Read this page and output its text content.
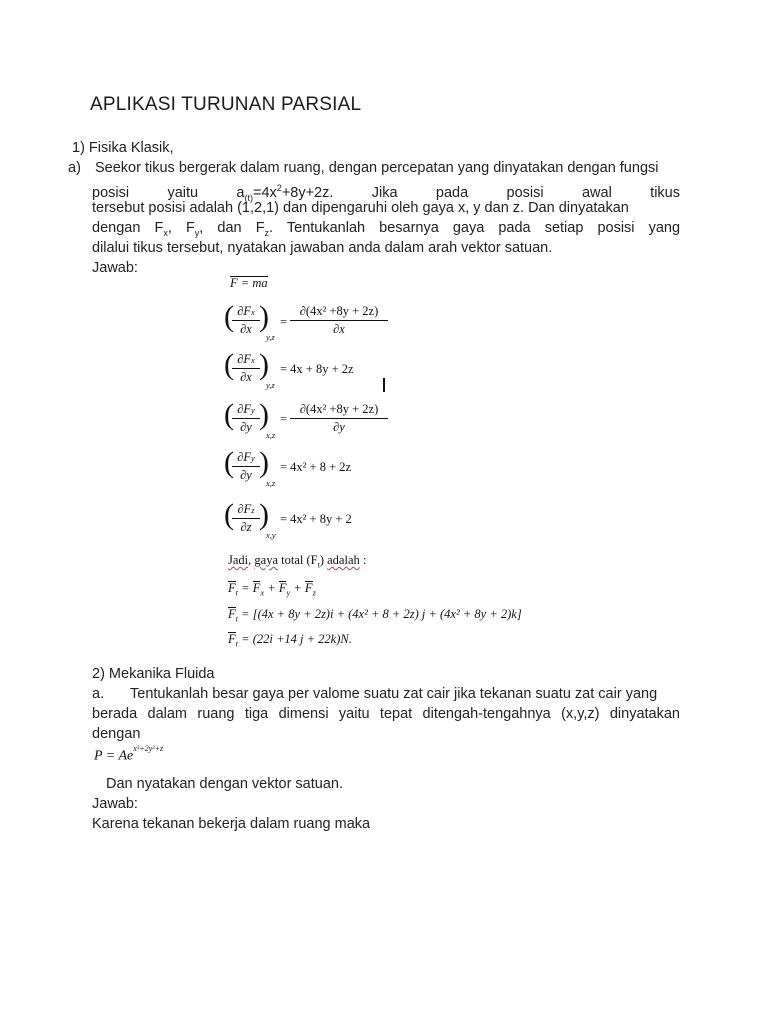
APLIKASI TURUNAN PARSIAL
1) Fisika Klasik,
a) Seekor tikus bergerak dalam ruang, dengan percepatan yang dinyatakan dengan fungsi
posisi	yaitu $a_{(t)}=4x^2+8y+2z$.	Jika	pada	posisi	awal tikus
tersebut posisi adalah (1,2,1) dan dipengaruhi oleh gaya x, y dan z. Dan dinyatakan
dengan $F_x$, $F_y$, dan $F_z$. Tentukanlah besarnya gaya pada setiap posisi yang
dilalui tikus tersebut, nyatakan jawaban anda dalam arah vektor satuan.
Jawab:
F = ma
(
$\frac{\partial Fx}{\partial x}$ )
y,z
= $\frac{\text{∂(4x² +8y + 2z)}}{\partial x}$
(
$\frac{\partial Fx}{\partial x}$ )
y,z
= 4x + 8y + 2z
(
$\frac{\partial Fy}{\partial y}$ )
x,z
= $\frac{\text{∂(4x² +8y + 2z)}}{\partial y}$
(
$\frac{\partial Fy}{\partial y}$ )
x,z
= 4x² + 8 + 2z
(
$\frac{\partial Fz}{\partial z}$ )
x,y
= 4x² + 8y + 2
Jadi, gaya total $(F_t)$ adalah :
$F_t = F_x + F_y + F_z$
$F_t = [(4x + 8y + 2z)i + (4x^2 + 8 + 2z) j + (4x^2 + 8y + 2)k]$
$F_t = (22i +14$ j + 22k)N.
2) Mekanika Fluida
a. Tentukanlah besar gaya per valome suatu zat cair jika tekanan suatu zat cair yang
berada dalam ruang tiga dimensi yaitu tepat ditengah-tengahnya (x,y,z) dinyatakan
dengan
$P = Ae^{x^3+2y^2+z}$
Dan nyatakan dengan vektor satuan.
Jawab:
Karena tekanan bekerja dalam ruang maka
